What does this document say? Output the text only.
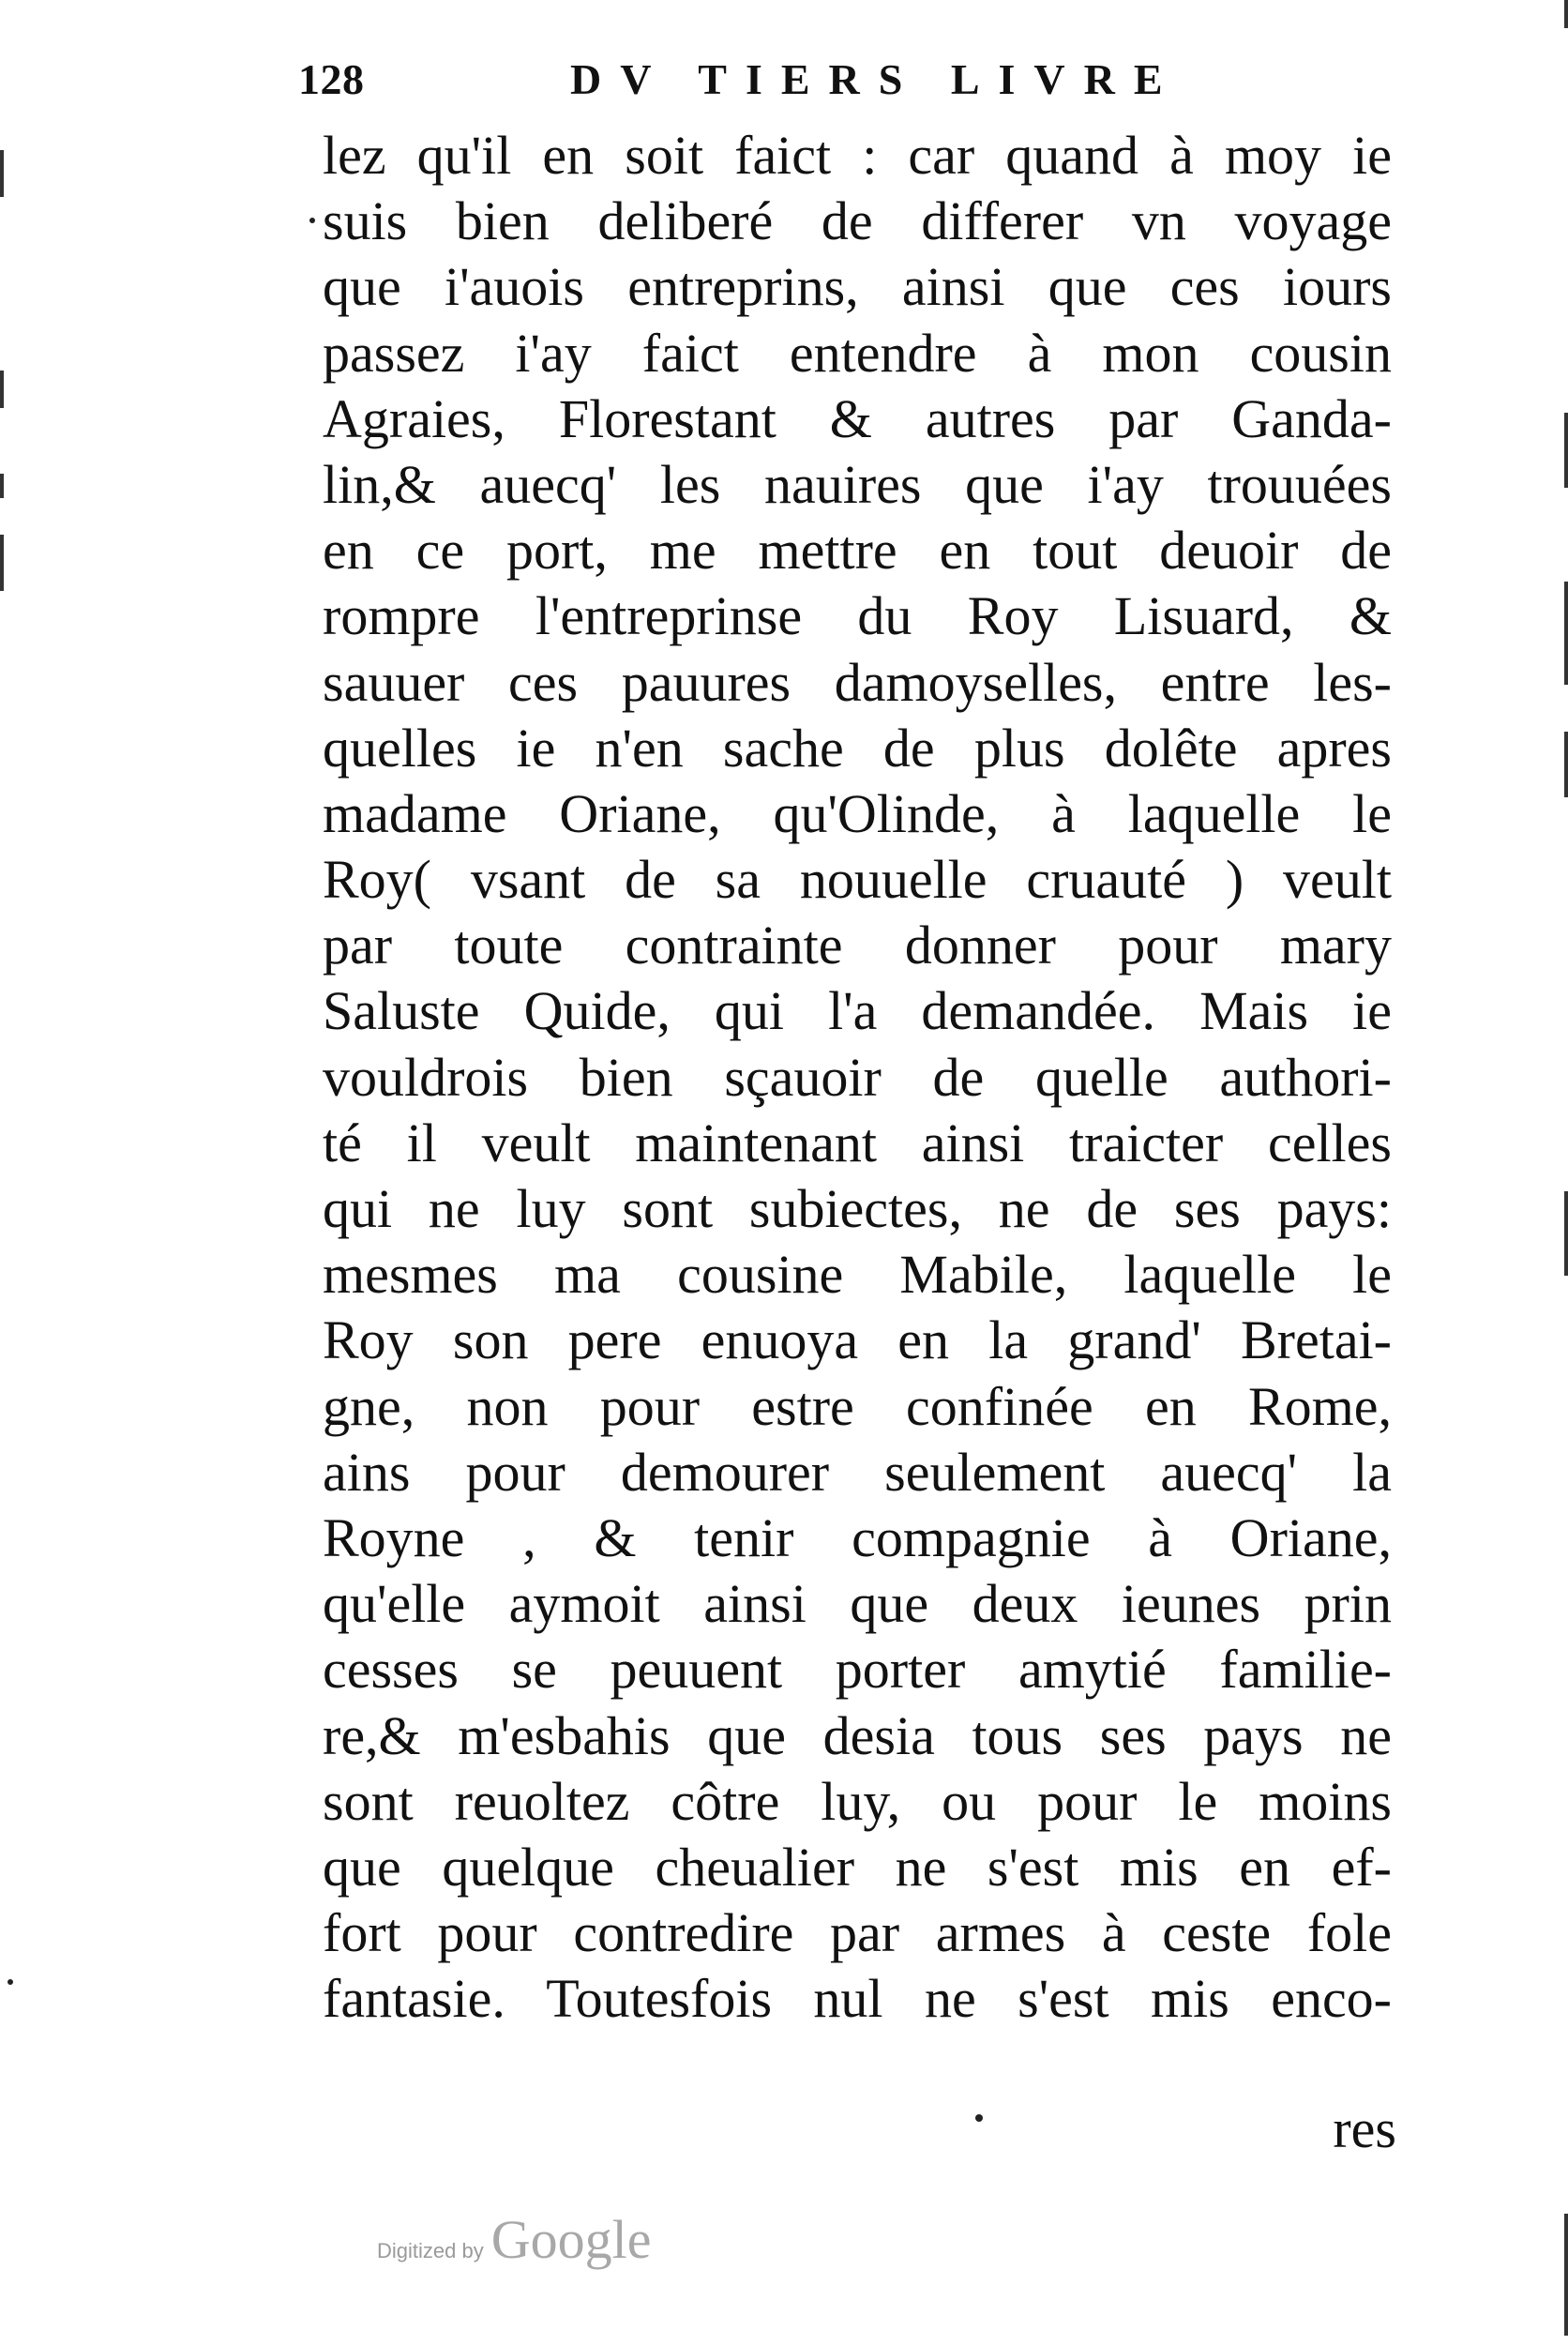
128	DV TIERS LIVRE
lez qu'il en soit faict : car quand à moy ie
suis bien deliberé de differer vn voyage
que i'auois entreprins, ainsi que ces iours
passez i'ay faict entendre à mon cousin
Agraies, Florestant & autres par Ganda-
lin,& auecq' les nauires que i'ay trouuées
en ce port, me mettre en tout deuoir de
rompre l'entreprinse du Roy Lisuard, &
sauuer ces pauures damoyselles, entre les-
quelles ie n'en sache de plus dolête apres
madame Oriane, qu'Olinde, à laquelle le
Roy( vsant de sa nouuelle cruauté ) veult
par toute contrainte donner pour mary
Saluste Quide, qui l'a demandée. Mais ie
vouldrois bien sçauoir de quelle authori-
té il veult maintenant ainsi traicter celles
qui ne luy sont subiectes, ne de ses pays:
mesmes ma cousine Mabile, laquelle le
Roy son pere enuoya en la grand' Bretai-
gne, non pour estre confinée en Rome,
ains pour demourer seulement auecq' la
Royne , & tenir compagnie à Oriane,
qu'elle aymoit ainsi que deux ieunes prin
cesses se peuuent porter amytié familie-
re,& m'esbahis que desia tous ses pays ne
sont reuoltez côtre luy, ou pour le moins
que quelque cheualier ne s'est mis en ef-
fort pour contredire par armes à ceste fole
fantasie. Toutesfois nul ne s'est mis enco-
res
Digitized by Google
